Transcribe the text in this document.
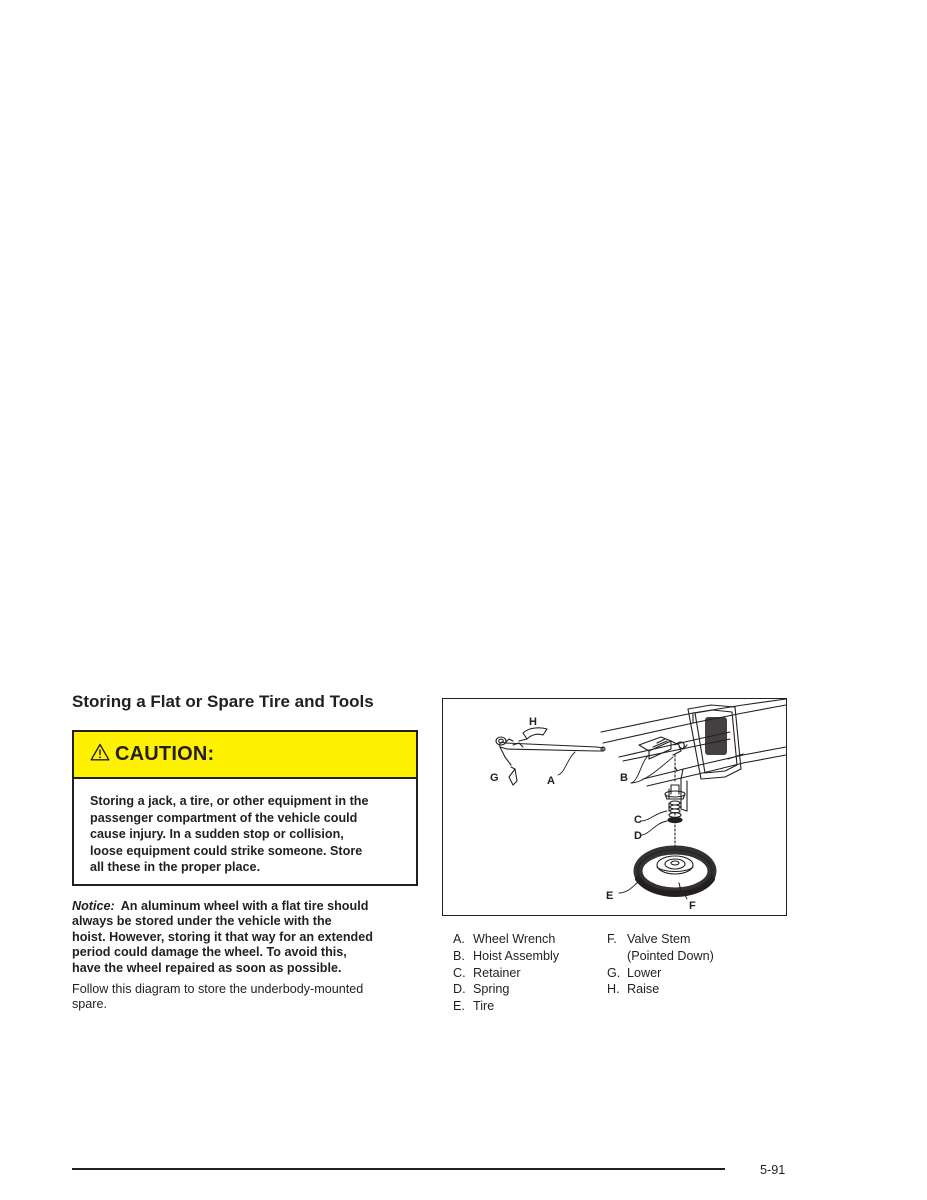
Storing a Flat or Spare Tire and Tools
CAUTION:
Storing a jack, a tire, or other equipment in the
passenger compartment of the vehicle could
cause injury. In a sudden stop or collision,
loose equipment could strike someone. Store
all these in the proper place.
Notice: An aluminum wheel with a flat tire should
always be stored under the vehicle with the
hoist. However, storing it that way for an extended
period could damage the wheel. To avoid this,
have the wheel repaired as soon as possible.
Follow this diagram to store the underbody-mounted
spare.
H
G	A	B
C
D
E
F
A. Wheel Wrench
B. Hoist Assembly
C. Retainer
D. Spring
E. Tire
F. Valve Stem
(Pointed Down)
G. Lower
H. Raise
5-91
